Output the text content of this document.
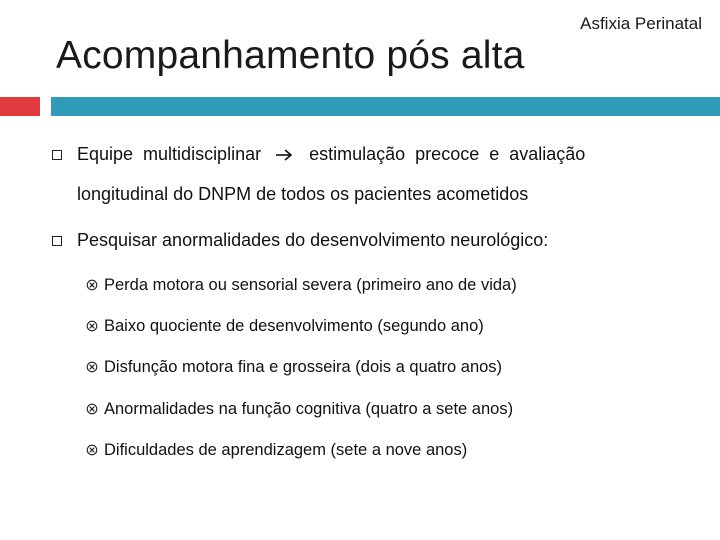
Asfixia Perinatal
Acompanhamento pós alta
Equipe multidisciplinar	estimulação precoce e avaliação
longitudinal do DNPM de todos os pacientes acometidos
Pesquisar anormalidades do desenvolvimento neurológico:
Perda motora ou sensorial severa (primeiro ano de vida)
Baixo quociente de desenvolvimento (segundo ano)
Disfunção motora fina e grosseira (dois a quatro anos)
Anormalidades na função cognitiva (quatro a sete anos)
Dificuldades de aprendizagem (sete a nove anos)
